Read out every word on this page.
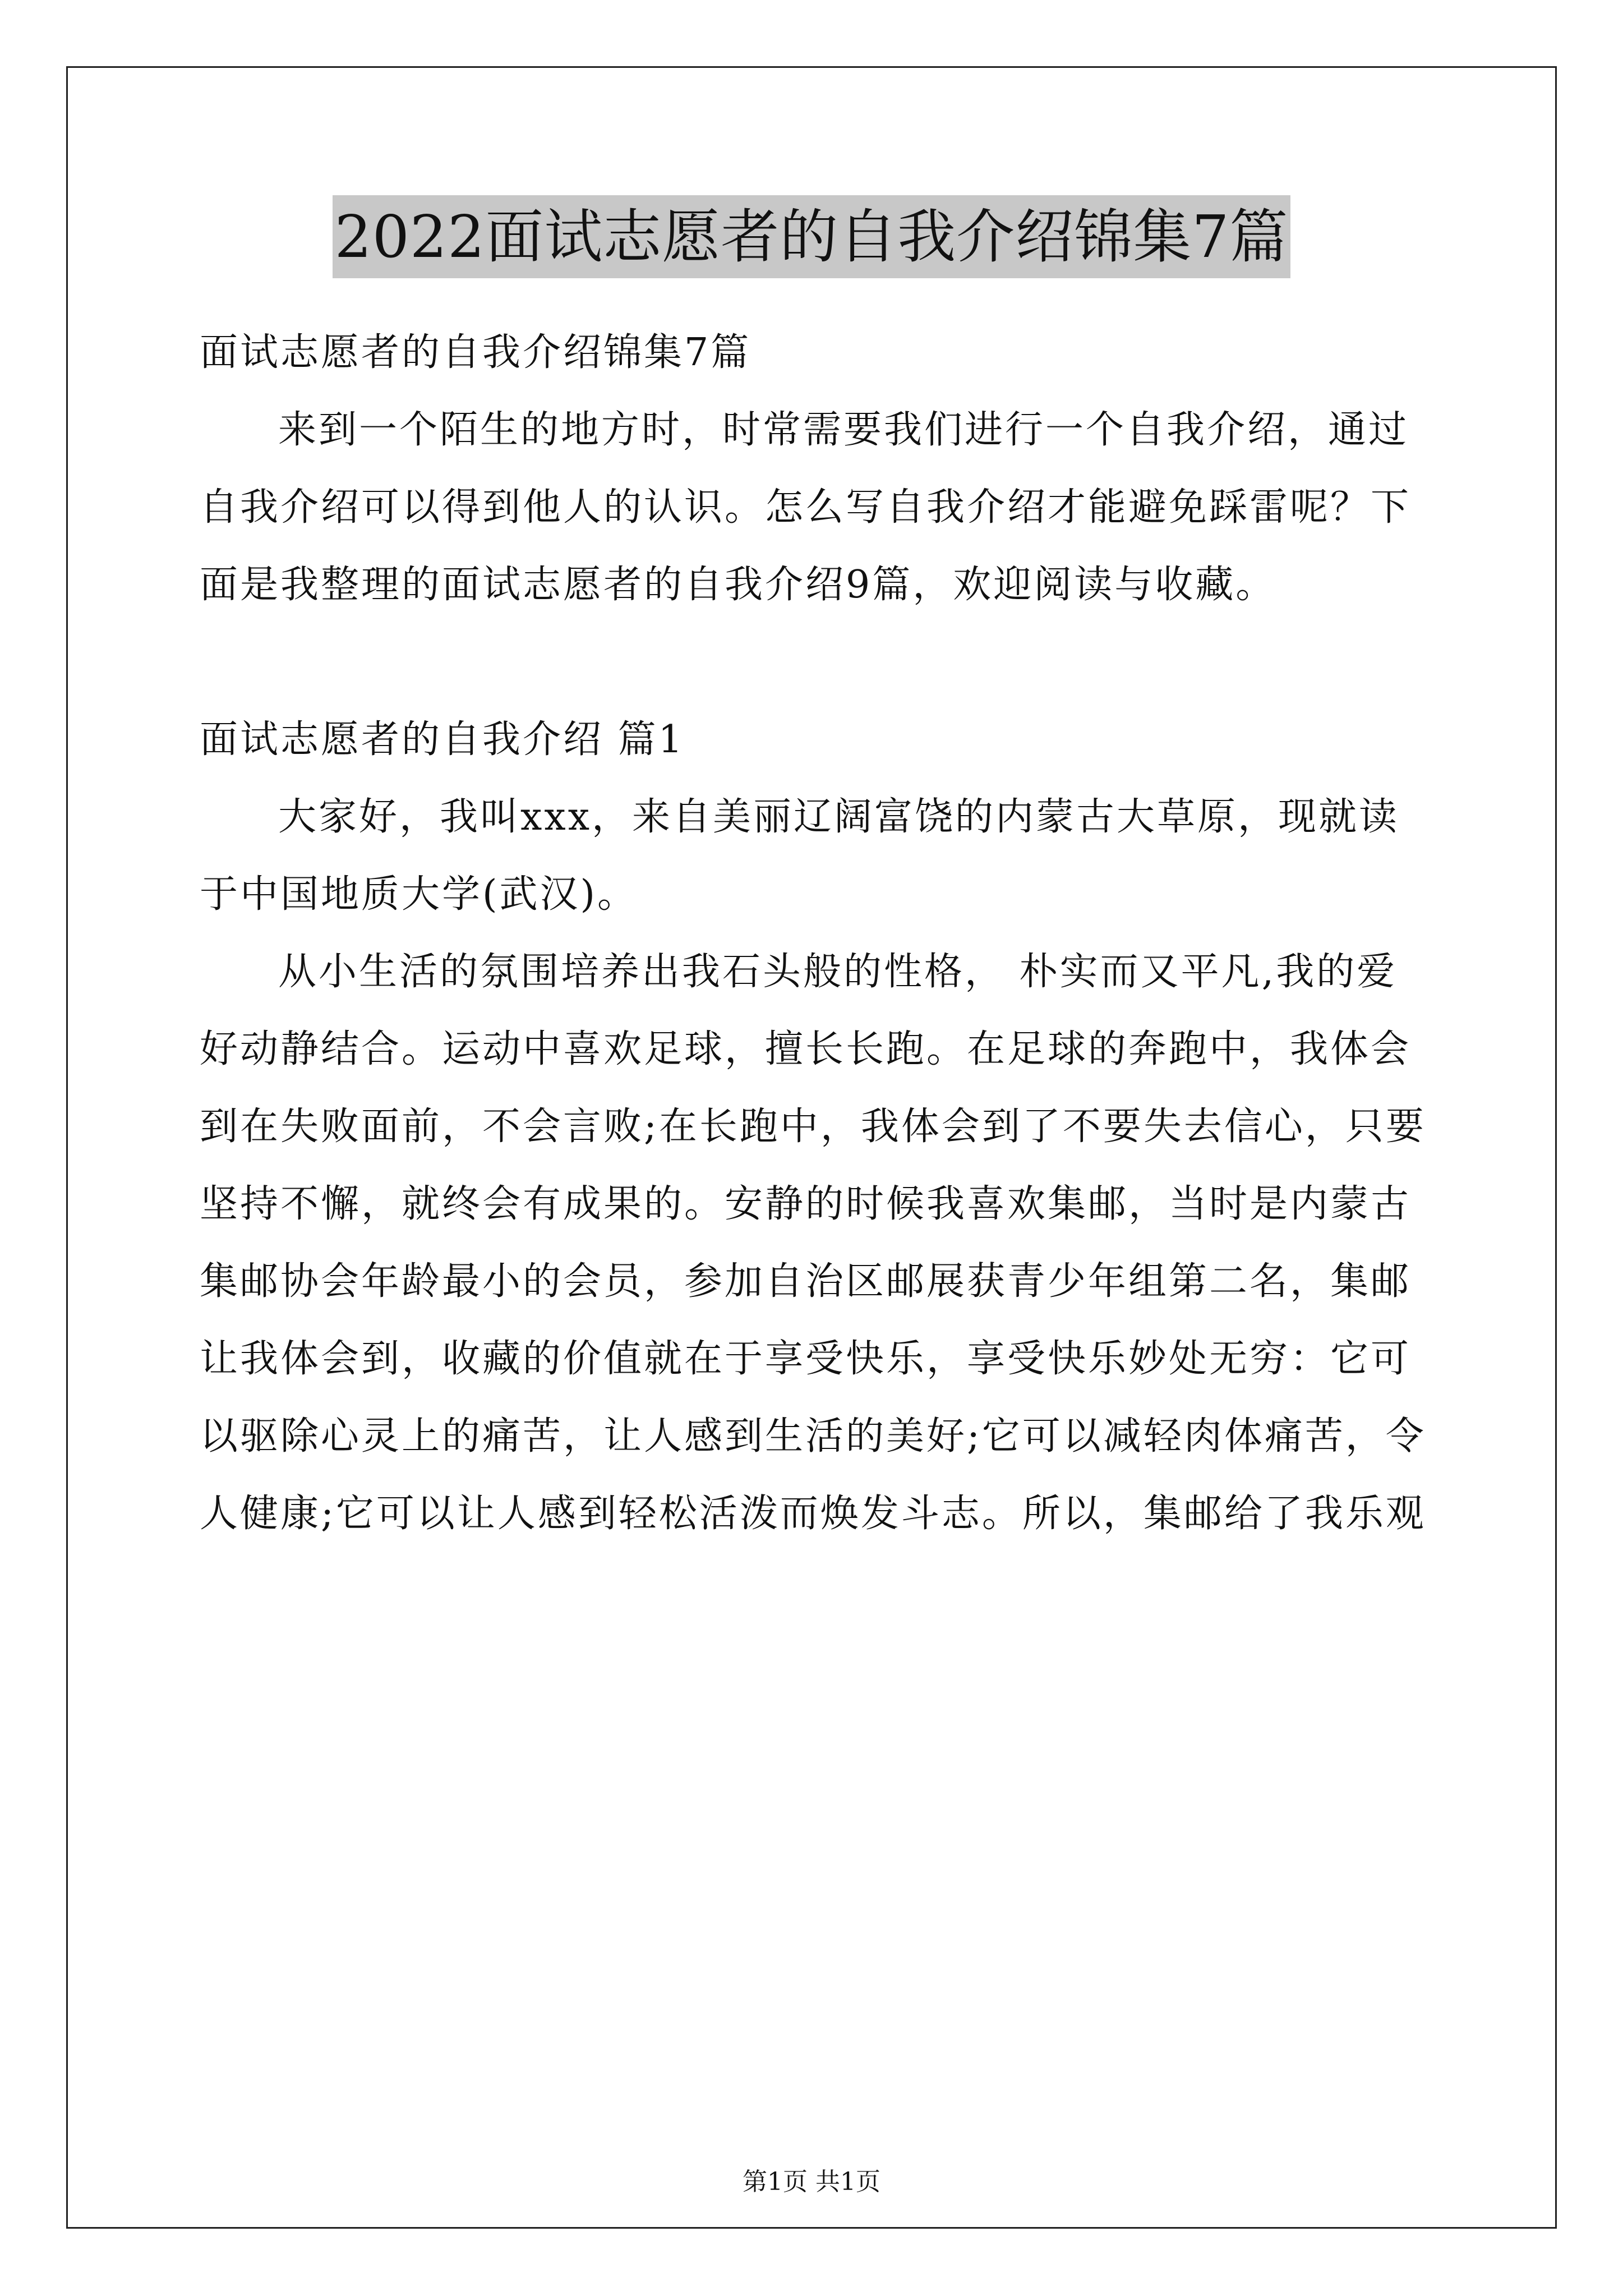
2022面试志愿者的自我介绍锦集7篇
面试志愿者的自我介绍锦集7篇
来到一个陌生的地方时，时常需要我们进行一个自我介绍，通过
自我介绍可以得到他人的认识。怎么写自我介绍才能避免踩雷呢？下
面是我整理的面试志愿者的自我介绍9篇，欢迎阅读与收藏。
面试志愿者的自我介绍 篇1
大家好，我叫xxx，来自美丽辽阔富饶的内蒙古大草原，现就读
于中国地质大学(武汉)。
从小生活的氛围培养出我石头般的性格， 朴实而又平凡,我的爱
好动静结合。运动中喜欢足球，擅长长跑。在足球的奔跑中，我体会
到在失败面前，不会言败;在长跑中，我体会到了不要失去信心，只要
坚持不懈，就终会有成果的。安静的时候我喜欢集邮，当时是内蒙古
集邮协会年龄最小的会员，参加自治区邮展获青少年组第二名，集邮
让我体会到，收藏的价值就在于享受快乐，享受快乐妙处无穷：它可
以驱除心灵上的痛苦，让人感到生活的美好;它可以减轻肉体痛苦，令
人健康;它可以让人感到轻松活泼而焕发斗志。所以，集邮给了我乐观
第1页 共1页
